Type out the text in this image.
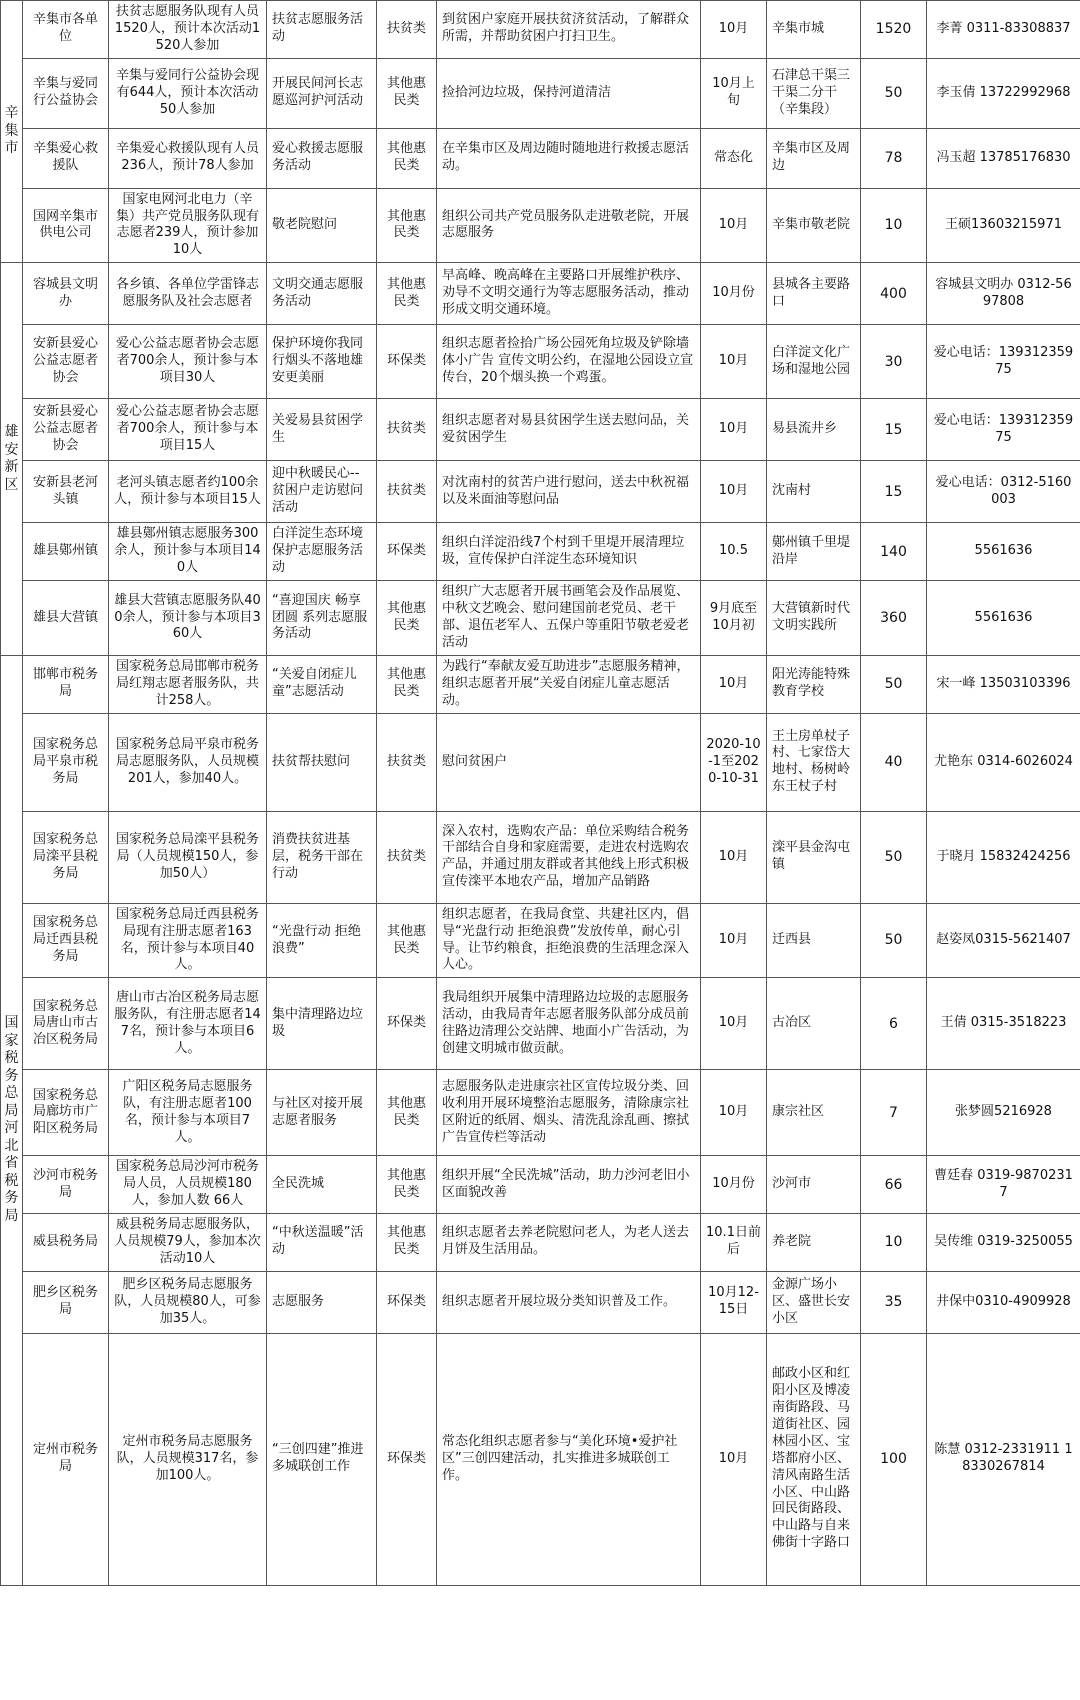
辛集市	辛集市各单位	扶贫志愿服务队现有人员1520人，预计本次活动1520人参加	扶贫志愿服务活动	扶贫类	到贫困户家庭开展扶贫济贫活动，了解群众所需，并帮助贫困户打扫卫生。	10月	辛集市城	1520	李菁 0311-83308837
	辛集与爱同行公益协会	辛集与爱同行公益协会现有644人，预计本次活动50人参加	开展民间河长志愿巡河护河活动	其他惠民类	捡拾河边垃圾，保持河道清洁	10月上旬	石津总干渠三干渠二分干（辛集段）	50	李玉倩 13722992968
	辛集爱心救援队	辛集爱心救援队现有人员236人，预计78人参加	爱心救援志愿服务活动	其他惠民类	在辛集市区及周边随时随地进行救援志愿活动。	常态化	辛集市区及周边	78	冯玉超 13785176830
	国网辛集市供电公司	国家电网河北电力（辛集）共产党员服务队现有志愿者239人，预计参加10人	敬老院慰问	其他惠民类	组织公司共产党员服务队走进敬老院，开展志愿服务	10月	辛集市敬老院	10	王硕13603215971
雄安新区	容城县文明办	各乡镇、各单位学雷锋志愿服务队及社会志愿者	文明交通志愿服务活动	其他惠民类	早高峰、晚高峰在主要路口开展维护秩序、劝导不文明交通行为等志愿服务活动，推动形成文明交通环境。	10月份	县城各主要路口	400	容城县文明办 0312-5697808
	安新县爱心公益志愿者协会	爱心公益志愿者协会志愿者700余人，预计参与本项目30人	保护环境你我同行烟头不落地雄安更美丽	环保类	组织志愿者捡拾广场公园死角垃圾及铲除墙体小广告 宣传文明公约，在湿地公园设立宣传台，20个烟头换一个鸡蛋。	10月	白洋淀文化广场和湿地公园	30	爱心电话：13931235975
	安新县爱心公益志愿者协会	爱心公益志愿者协会志愿者700余人，预计参与本项目15人	关爱易县贫困学生	扶贫类	组织志愿者对易县贫困学生送去慰问品，关爱贫困学生	10月	易县流井乡	15	爱心电话：13931235975
	安新县老河头镇	老河头镇志愿者约100余人，预计参与本项目15人	迎中秋暖民心--贫困户走访慰问活动	扶贫类	对沈南村的贫苦户进行慰问，送去中秋祝福以及米面油等慰问品	10月	沈南村	15	爱心电话：0312-5160003
	雄县鄚州镇	雄县鄚州镇志愿服务300余人，预计参与本项目140人	白洋淀生态环境保护志愿服务活动	环保类	组织白洋淀沿线7个村到千里堤开展清理垃圾，宣传保护白洋淀生态环境知识	10.5	鄚州镇千里堤沿岸	140	5561636
	雄县大营镇	雄县大营镇志愿服务队400余人，预计参与本项目360人	“喜迎国庆 畅享团圆 系列志愿服务活动	其他惠民类	组织广大志愿者开展书画笔会及作品展览、中秋文艺晚会、慰问建国前老党员、老干部、退伍老军人、五保户等重阳节敬老爱老活动	9月底至10月初	大营镇新时代文明实践所	360	5561636
国家税务总局河北省税务局	邯郸市税务局	国家税务总局邯郸市税务局红翔志愿者服务队，共计258人。	“关爱自闭症儿童”志愿活动	其他惠民类	为践行“奉献友爱互助进步”志愿服务精神，组织志愿者开展“关爱自闭症儿童志愿活动。	10月	阳光涛能特殊教育学校	50	宋一峰 13503103396
	国家税务总局平泉市税务局	国家税务总局平泉市税务局志愿服务队，人员规模201人，参加40人。	扶贫帮扶慰问	扶贫类	慰问贫困户	2020-10-1至2020-10-31	王土房单杖子村、七家岱大地村、杨树岭东王杖子村	40	尤艳东 0314-6026024
	国家税务总局滦平县税务局	国家税务总局滦平县税务局（人员规模150人，参加50人）	消费扶贫进基层，税务干部在行动	扶贫类	深入农村，选购农产品：单位采购结合税务干部结合自身和家庭需要，走进农村选购农产品，并通过朋友群或者其他线上形式积极宣传滦平本地农产品，增加产品销路	10月	滦平县金沟屯镇	50	于晓月 15832424256
	国家税务总局迁西县税务局	国家税务总局迁西县税务局现有注册志愿者163名，预计参与本项目40人。	“光盘行动 拒绝浪费”	其他惠民类	组织志愿者，在我局食堂、共建社区内，倡导“光盘行动 拒绝浪费”发放传单，耐心引导。让节约粮食，拒绝浪费的生活理念深入人心。	10月	迁西县	50	赵姿凤0315-5621407
	国家税务总局唐山市古冶区税务局	唐山市古冶区税务局志愿服务队，有注册志愿者147名，预计参与本项目6人。	集中清理路边垃圾	环保类	我局组织开展集中清理路边垃圾的志愿服务活动，由我局青年志愿者服务队部分成员前往路边清理公交站牌、地面小广告活动，为创建文明城市做贡献。	10月	古冶区	6	王倩 0315-3518223
	国家税务总局廊坊市广阳区税务局	广阳区税务局志愿服务队，有注册志愿者100名，预计参与本项目7人。	与社区对接开展志愿者服务	其他惠民类	志愿服务队走进康宗社区宣传垃圾分类、回收利用开展环境整治志愿服务，清除康宗社区附近的纸屑、烟头、清洗乱涂乱画、擦拭广告宣传栏等活动	10月	康宗社区	7	张梦圆5216928
	沙河市税务局	国家税务总局沙河市税务局人员，人员规模180人，参加人数 66人	全民洗城	其他惠民类	组织开展“全民洗城”活动，助力沙河老旧小区面貌改善	10月份	沙河市	66	曹廷春 0319-98702317
	威县税务局	威县税务局志愿服务队，人员规模79人，参加本次活动10人	“中秋送温暖”活动	其他惠民类	组织志愿者去养老院慰问老人，为老人送去月饼及生活用品。	10.1日前后	养老院	10	吴传维 0319-3250055
	肥乡区税务局	肥乡区税务局志愿服务队，人员规模80人，可参加35人。	志愿服务	环保类	组织志愿者开展垃圾分类知识普及工作。	10月12-15日	金源广场小区、盛世长安小区	35	井保中0310-4909928
	定州市税务局	定州市税务局志愿服务队，人员规模317名，参加100人。	“三创四建”推进多城联创工作	环保类	常态化组织志愿者参与“美化环境•爱护社区”三创四建活动，扎实推进多城联创工作。	10月	邮政小区和红阳小区及博凌南街路段、马道街社区、园林园小区、宝塔都府小区、清风南路生活小区、中山路回民街路段、中山路与自来佛街十字路口	100	陈慧 0312-2331911 18330267814
